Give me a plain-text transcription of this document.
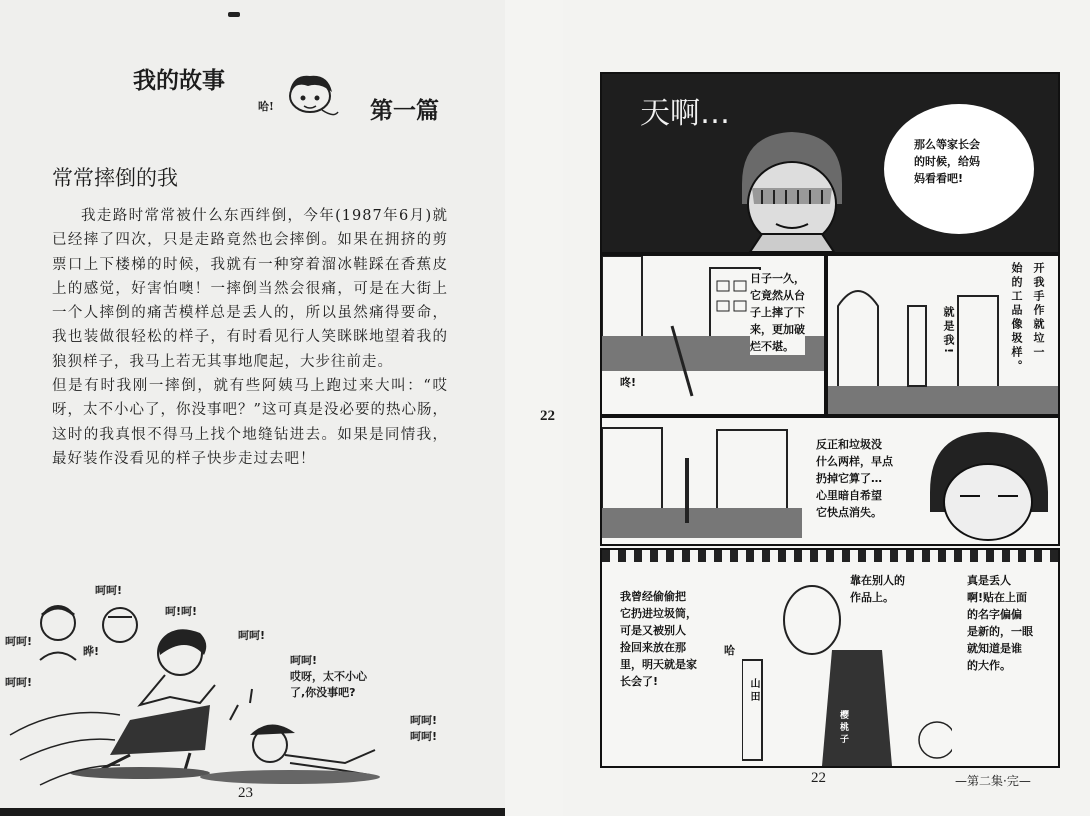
我的故事
哈!	第一篇
常常摔倒的我

我走路时常常被什么东西绊倒，今年(1987年6月)就已经摔了四次，只是走路竟然也会摔倒。如果在拥挤的剪票口上下楼梯的时候，我就有一种穿着溜冰鞋踩在香蕉皮上的感觉，好害怕噢！一摔倒当然会很痛，可是在大街上一个人摔倒的痛苦模样总是丢人的，所以虽然痛得要命，我也装做很轻松的样子，有时看见行人笑眯眯地望着我的狼狈样子，我马上若无其事地爬起，大步往前走。

但是有时我刚一摔倒，就有些阿姨马上跑过来大叫：“哎呀，太不小心了，你没事吧？”这可真是没必要的热心肠，这时的我真恨不得马上找个地缝钻进去。如果是同情我，最好装作没看见的样子快步走过去吧！

呵呵!
呵!呵!
呵呵!	呵呵!
呵呵!
晔!
呵呵!
哎呀，太不小心
了,你没事吧?
呵呵!
呵呵!
23
22
天啊…
那么等家长会
的时候，给妈
妈看看吧!
日子一久，
它竟然从台
子上摔了下
来，更加破
烂不堪。
咚!
就是我!	始的工品像圾样。 开我手作就垃一
反正和垃圾没
什么两样，早点
扔掉它算了…
心里暗自希望
它快点消失。
我曾经偷偷把
它扔进垃圾筒，
可是又被别人
捡回来放在那
里，明天就是家
长会了!
靠在别人的
作品上。
真是丢人
啊!贴在上面
的名字偏偏
是新的，一眼
就知道是谁
的大作。
哈
山田
樱桃子
22	—第二集·完—
